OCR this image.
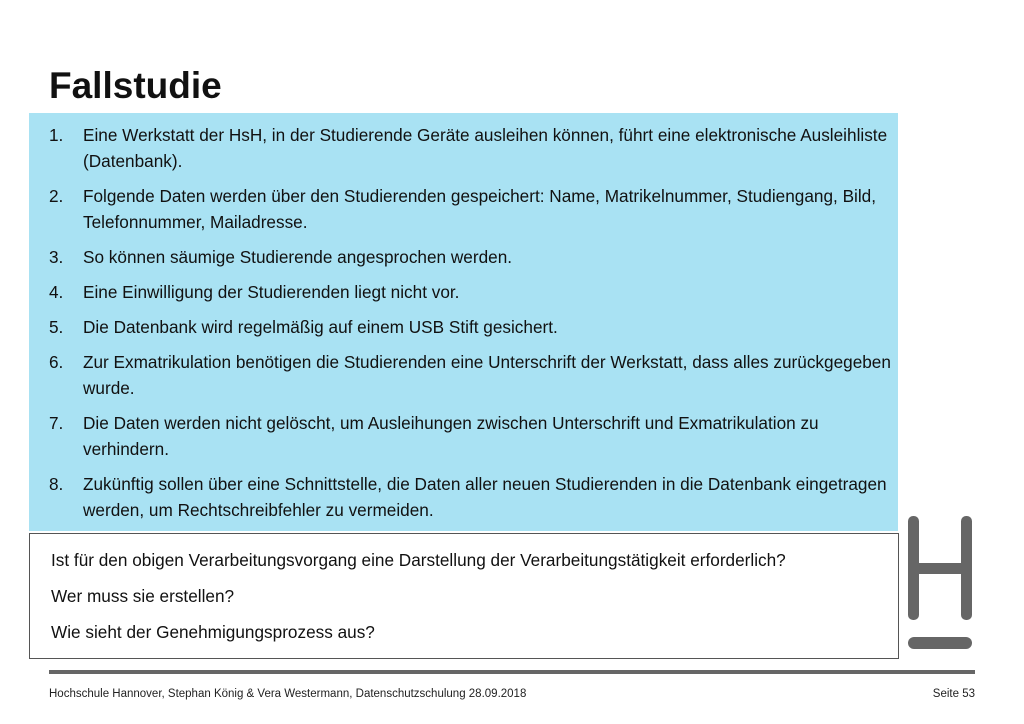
Fallstudie
1.	Eine Werkstatt der HsH, in der Studierende Geräte ausleihen können, führt eine elektronische Ausleihliste (Datenbank).
2.	Folgende Daten werden über den Studierenden gespeichert: Name, Matrikelnummer, Studiengang, Bild, Telefonnummer, Mailadresse.
3.	So können säumige Studierende angesprochen werden.
4.	Eine Einwilligung der Studierenden liegt nicht vor.
5.	Die Datenbank wird regelmäßig auf einem USB Stift gesichert.
6.	Zur Exmatrikulation benötigen die Studierenden eine Unterschrift der Werkstatt, dass alles zurückgegeben wurde.
7.	Die Daten werden nicht gelöscht, um Ausleihungen zwischen Unterschrift und Exmatrikulation zu verhindern.
8.	Zukünftig sollen über eine Schnittstelle, die Daten aller neuen Studierenden in die Datenbank eingetragen werden, um Rechtschreibfehler zu vermeiden.
Ist für den obigen Verarbeitungsvorgang eine Darstellung der Verarbeitungstätigkeit erforderlich?
Wer muss sie erstellen?
Wie sieht der Genehmigungsprozess aus?
Hochschule Hannover, Stephan König & Vera Westermann, Datenschutzschulung 28.09.2018	Seite 53
